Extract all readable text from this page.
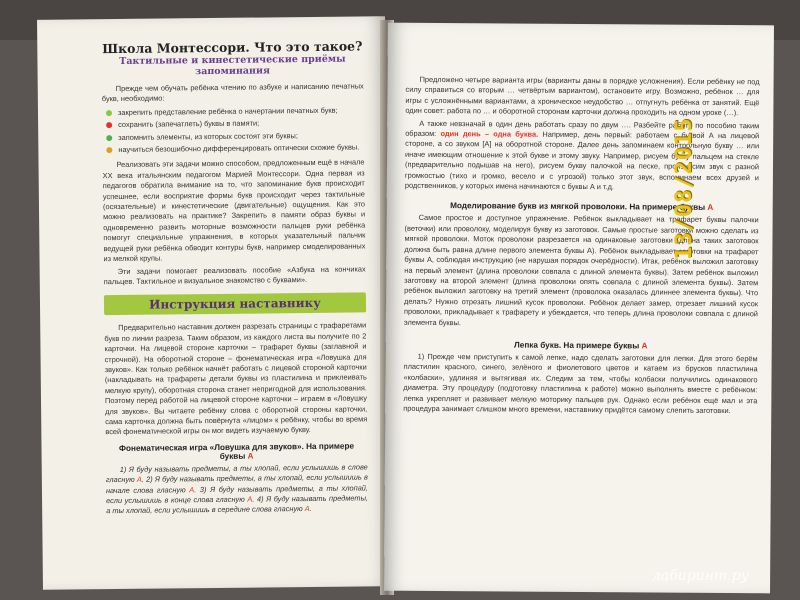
Школа Монтессори. Что это такое?

Тактильные и кинестетические приёмы запоминания

Прежде чем обучать ребёнка чтению по азбуке и написанию печатных букв, необходимо:

закрепить представление ребёнка о начертании печатных букв;
сохранить (запечатлеть) буквы в памяти;
запомнить элементы, из которых состоят эти буквы;
научиться безошибочно дифференцировать оптически схожие буквы.

Реализовать эти задачи можно способом, предложенным ещё в начале XX века итальянским педагогом Марией Монтессори. Одна первая из педагогов обратила внимание на то, что запоминание букв происходит успешнее, если восприятие формы букв происходит через тактильные (осязательные) и кинестетические (двигательные) ощущения. Как это можно реализовать на практике? Закрепить в памяти образ буквы и одновременно развить моторные возможности пальцев руки ребёнка помогут специальные упражнения, в которых указательный пальчик ведущей руки ребёнка обводит контуры букв, например смоделированных из мелкой крупы.

Эти задачи помогает реализовать пособие «Азбука на кончиках пальцев. Тактильное и визуальное знакомство с буквами».

Инструкция наставнику

Предварительно наставник должен разрезать страницы с трафаретами букв по линии разреза. Таким образом, из каждого листа вы получите по 2 карточки. На лицевой стороне карточки – трафарет буквы (заглавной и строчной). На оборотной стороне – фонематическая игра «Ловушка для звуков». Как только ребёнок начнёт работать с лицевой стороной карточки (накладывать на трафареты детали буквы из пластилина и приклеивать мелкую крупу), оборотная сторона станет непригодной для использования. Поэтому перед работой на лицевой стороне карточки – играем в «Ловушку для звуков». Вы читаете ребёнку слова с оборотной стороны карточки, сама карточка должна быть повёрнута «лицом» к ребёнку, чтобы во время всей фонематической игры он мог видеть изучаемую букву.

Фонематическая игра «Ловушка для звуков». На примере буквы А

1) Я буду называть предметы, а ты хлопай, если услышишь в слове гласную А. 2) Я буду называть предметы, а ты хлопай, если услышишь в начале слова гласную А. 3) Я буду называть предметы, а ты хлопай, если услышишь в конце слова гласную А. 4) Я буду называть предметы, а ты хлопай, если услышишь в середине слова гласную А.

Предложено четыре варианта игры (варианты даны в порядке усложнения). Если ребёнку не под силу справиться со вторым … четвёртым вариантом), остановите игру. Возможно, ребёнок … для игры с усложнёнными вариантами, а хроническое неудобство … отпугнуть ребёнка от занятий. Ещё один совет: работа по … и оборотной сторонам карточки должна проходить на одном уроке (…).

А также невзначай в один день работать сразу по двум …. Разбейте работу по пособию таким образом: один день – одна буква. Например, день первый: работаем с буквой А на лицевой стороне, а со звуком [А] на оборотной стороне. Далее день запоминаем контрольную букву … или иначе имеющим отношение к этой букве и этому звуку. Например, рисуем букву пальцем на стекле (предварительно подышав на него), рисуем букву палочкой на песке, произносим звук с разной громкостью (тихо и громко, весело и с угрозой) только этот звук, вспоминаем всех друзей и родственников, у которых имена начинаются с буквы А и т.д.

Моделирование букв из мягкой проволоки. На примере буквы А

Самое простое и доступное упражнение. Ребёнок выкладывает на трафарет буквы палочки (веточки) или проволоку, моделируя букву из заготовок. Самые простые заготовки можно сделать из мягкой проволоки. Моток проволоки разрезается на одинаковые заготовки (длина таких заготовок должна быть равна длине первого элемента буквы А). Ребёнок выкладывает заготовки на трафарет буквы А, соблюдая инструкцию (не нарушая порядок очерёдности). Итак, ребёнок выложил заготовку на первый элемент (длина проволоки совпала с длиной элемента буквы). Затем ребёнок выложил заготовку на второй элемент (длина проволоки опять совпала с длиной элемента буквы). Затем ребёнок выложил заготовку на третий элемент (проволока оказалась длиннее элемента буквы). Что делать? Нужно отрезать лишний кусок проволоки. Ребёнок делает замер, отрезает лишний кусок проволоки, прикладывает к трафарету и убеждается, что теперь длина проволоки совпала с длиной элемента буквы.

Лепка букв. На примере буквы А

1) Прежде чем приступить к самой лепке, надо сделать заготовки для лепки. Для этого берём пластилин красного, синего, зелёного и фиолетового цветов и катаем из брусков пластилина «колбаски», удлиняя и вытягивая их. Следим за тем, чтобы колбаски получились одинакового диаметра. Эту процедуру (подготовку пластилина к работе) можно выполнять вместе с ребёнком: лепка укрепляет и развивает мелкую моторику пальцев рук. Однако если ребёнок ещё мал и эта процедура занимает слишком много времени, наставнику придётся самому слепить заготовки.

13/08/2015
лабиринт.ру
